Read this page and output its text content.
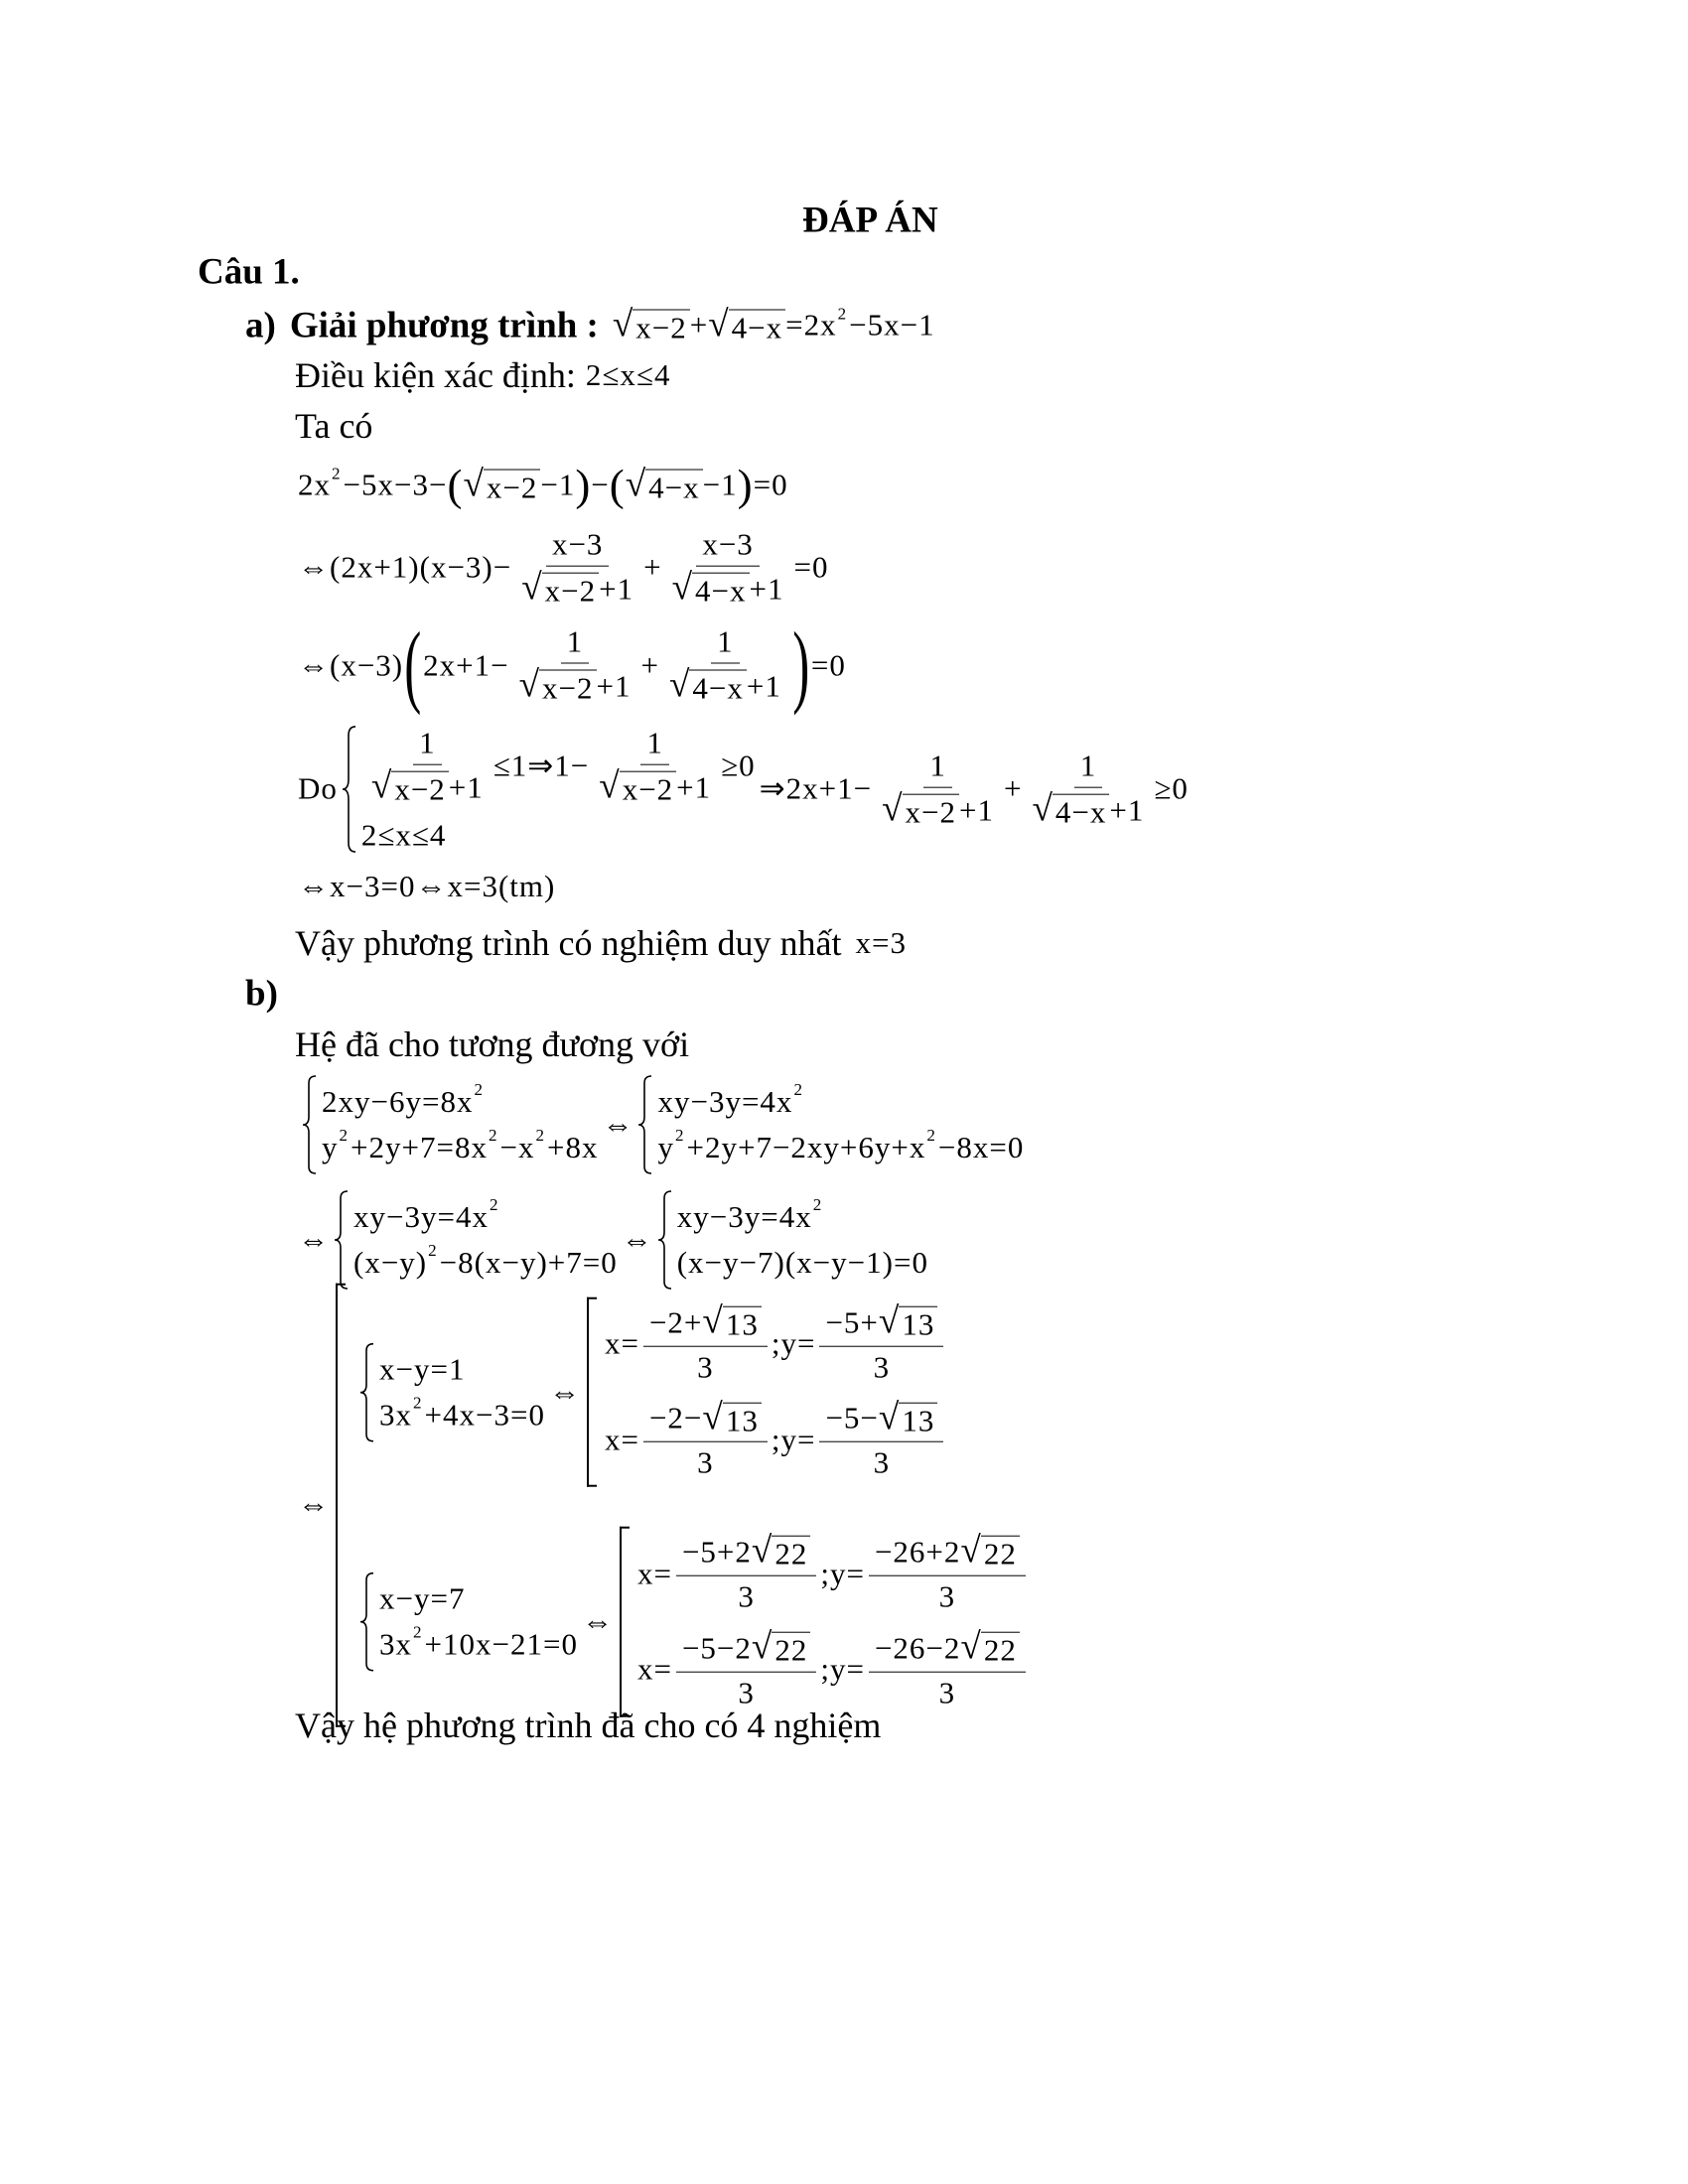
ĐÁP ÁN
Câu 1.
a) Giải phương trình : √ x−2 + √ 4−x =2x 2 −5x−1
Điều kiện xác định: 2≤x≤4
Ta có
2x 2 −5x−3− ( √ x−2 −1 ) − ( √ 4−x −1 ) =0
⇔(2x+1)(x−3)− $\frac{x-3}{√ x-2 +1} + \frac{x-3}{√ 4-x +1} =0$
⇔(x−3) ( $2x+1- \frac{1}{√ x-2 +1} + \frac{1}{√ 4-x +1}$ ) =0
Do $\frac{1}{√ x-2 +1}$ ≤1⇒1− $\frac{1}{√ x-2 +1} \ge 0$
2≤x≤4
⇒2x+1− $\frac{1}{√ x-2 +1} + \frac{1}{√ 4-x +1} \ge 0$
⇔x−3=0⇔x=3(tm)
Vậy phương trình có nghiệm duy nhất x=3
b)
Hệ đã cho tương đương với
2xy−6y=8x 2
y 2 +2y+7=8x 2 −x 2 +8x
⇔
xy−3y=4x 2
y 2 +2y+7−2xy+6y+x 2 −8x=0
⇔
xy−3y=4x 2
(x−y) 2 −8(x−y)+7=0
⇔
xy−3y=4x 2
(x−y−7)(x−y−1)=0
⇔
x−y=1
3x 2 +4x−3=0
⇔
$x= \frac{-2+ √ 13}{3}$ ;y= $\frac{-5+ √ 13}{3}$
$x= \frac{-2- √ 13}{3}$ ;y= $\frac{-5- √ 13}{3}$
x−y=7
3x 2 +10x−21=0
⇔
$x= \frac{-5+2 √ 22}{3}$ ;y= $\frac{-26+2 √ 22}{3}$
$x= \frac{-5-2 √ 22}{3}$ ;y= $\frac{-26-2 √ 22}{3}$
Vậy hệ phương trình đã cho có 4 nghiệm
